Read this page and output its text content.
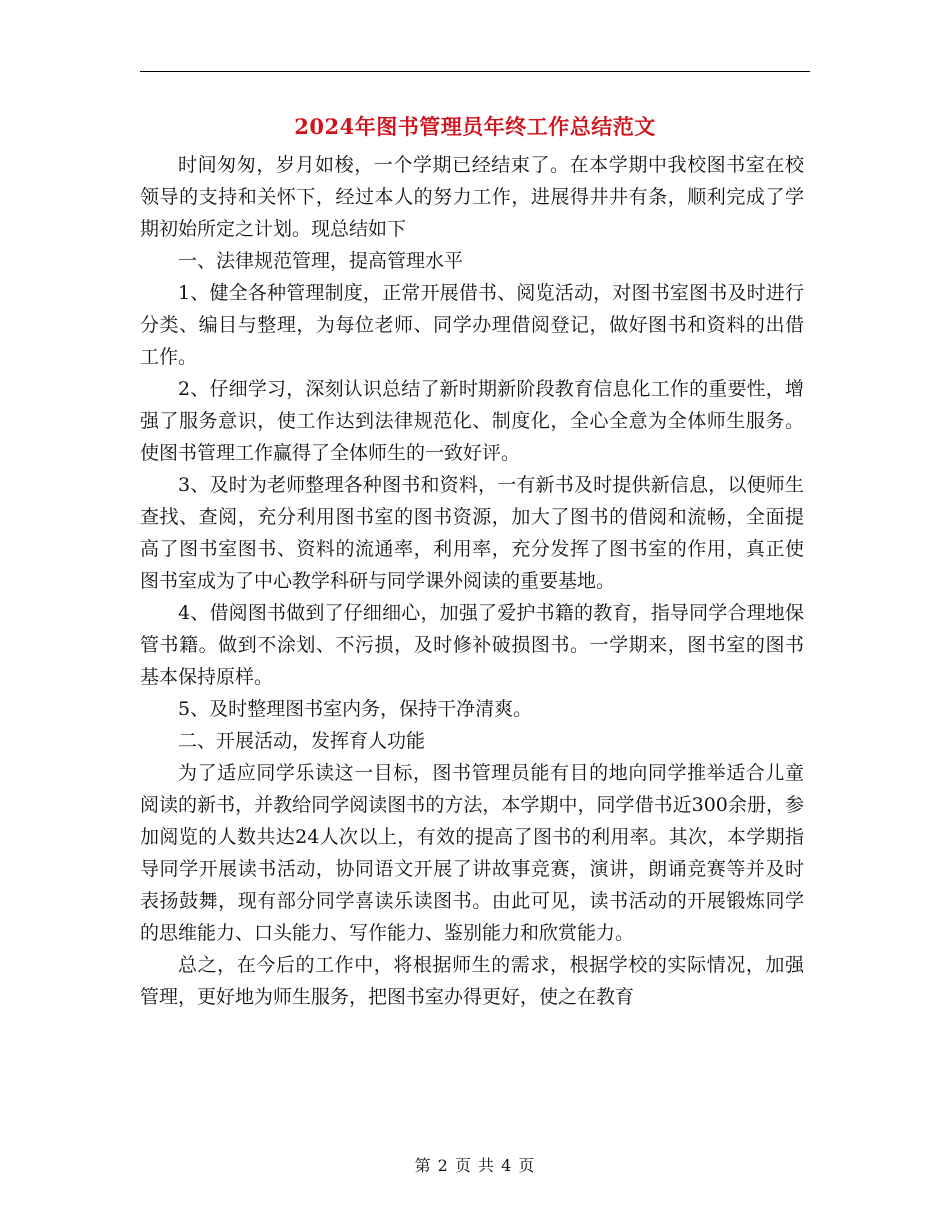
2024年图书管理员年终工作总结范文

时间匆匆，岁月如梭，一个学期已经结束了。在本学期中我校图书室在校领导的支持和关怀下，经过本人的努力工作，进展得井井有条，顺利完成了学期初始所定之计划。现总结如下

一、法律规范管理，提高管理水平

1、健全各种管理制度，正常开展借书、阅览活动，对图书室图书及时进行分类、编目与整理，为每位老师、同学办理借阅登记，做好图书和资料的出借工作。

2、仔细学习，深刻认识总结了新时期新阶段教育信息化工作的重要性，增强了服务意识，使工作达到法律规范化、制度化，全心全意为全体师生服务。使图书管理工作赢得了全体师生的一致好评。

3、及时为老师整理各种图书和资料，一有新书及时提供新信息，以便师生查找、查阅，充分利用图书室的图书资源，加大了图书的借阅和流畅，全面提高了图书室图书、资料的流通率，利用率，充分发挥了图书室的作用，真正使图书室成为了中心教学科研与同学课外阅读的重要基地。

4、借阅图书做到了仔细细心，加强了爱护书籍的教育，指导同学合理地保管书籍。做到不涂划、不污损，及时修补破损图书。一学期来，图书室的图书基本保持原样。

5、及时整理图书室内务，保持干净清爽。

二、开展活动，发挥育人功能

为了适应同学乐读这一目标，图书管理员能有目的地向同学推举适合儿童阅读的新书，并教给同学阅读图书的方法，本学期中，同学借书近300余册，参加阅览的人数共达24人次以上，有效的提高了图书的利用率。其次，本学期指导同学开展读书活动，协同语文开展了讲故事竞赛，演讲，朗诵竞赛等并及时表扬鼓舞，现有部分同学喜读乐读图书。由此可见，读书活动的开展锻炼同学的思维能力、口头能力、写作能力、鉴别能力和欣赏能力。

总之，在今后的工作中，将根据师生的需求，根据学校的实际情况，加强管理，更好地为师生服务，把图书室办得更好，使之在教育

第 2 页 共 4 页
